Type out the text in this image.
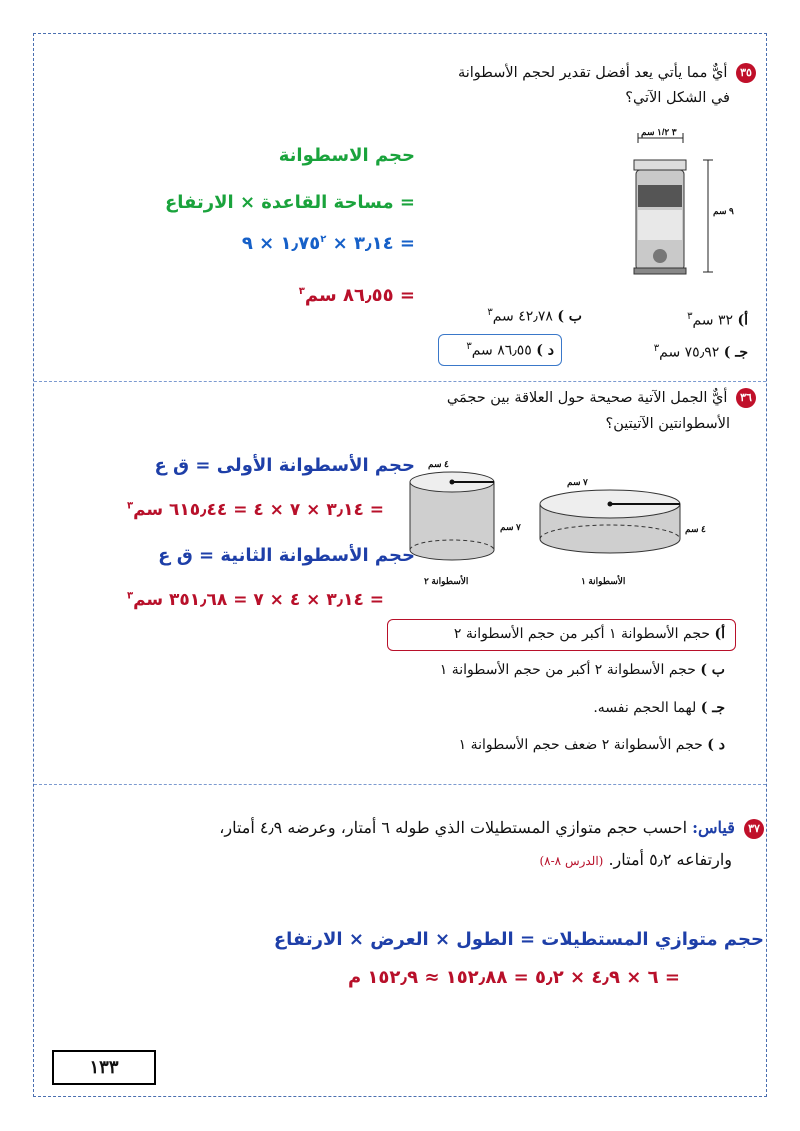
٣٥ أيٌّ مما يأتي يعد أفضل تقدير لحجم الأسطوانة
في الشكل الآتي؟
٣ ١/٢ سم
٩ سم
حجم الاسطوانة
= مساحة القاعدة × الارتفاع
= ٣٫١٤ × $١٫٧٥^٢$ × ٩
= ٨٦٫٥٥ سم$^٣$
أ) ٣٢ سم$^٣$
ب ) ٤٢٫٧٨ سم$^٣$
جـ ) ٧٥٫٩٢ سم$^٣$
د ) ٨٦٫٥٥ سم$^٣$
٣٦ أيٌّ الجمل الآتية صحيحة حول العلاقة بين حجمَي
الأسطوانتين الآتيتين؟
٤ سم
٧ سم
الأسطوانة ٢
٧ سم
٤ سم
الأسطوانة ١
حجم الأسطوانة الأولى = ق ع
= ٣٫١٤ × ٧ × ٤ = ٦١٥٫٤٤ سم$^٣$
حجم الأسطوانة الثانية = ق ع
= ٣٫١٤ × ٤ × ٧ = ٣٥١٫٦٨ سم$^٣$
أ) حجم الأسطوانة ١ أكبر من حجم الأسطوانة ٢
ب ) حجم الأسطوانة ٢ أكبر من حجم الأسطوانة ١
جـ ) لهما الحجم نفسه.
د ) حجم الأسطوانة ٢ ضعف حجم الأسطوانة ١
٣٧ قياس: احسب حجم متوازي المستطيلات الذي طوله ٦ أمتار، وعرضه ٤٫٩ أمتار،
وارتفاعه ٥٫٢ أمتار. (الدرس ٨-٨)
حجم متوازي المستطيلات = الطول × العرض × الارتفاع
= ٦ × ٤٫٩ × ٥٫٢ = ١٥٢٫٨٨ ≈ ١٥٢٫٩ م
١٣٣
